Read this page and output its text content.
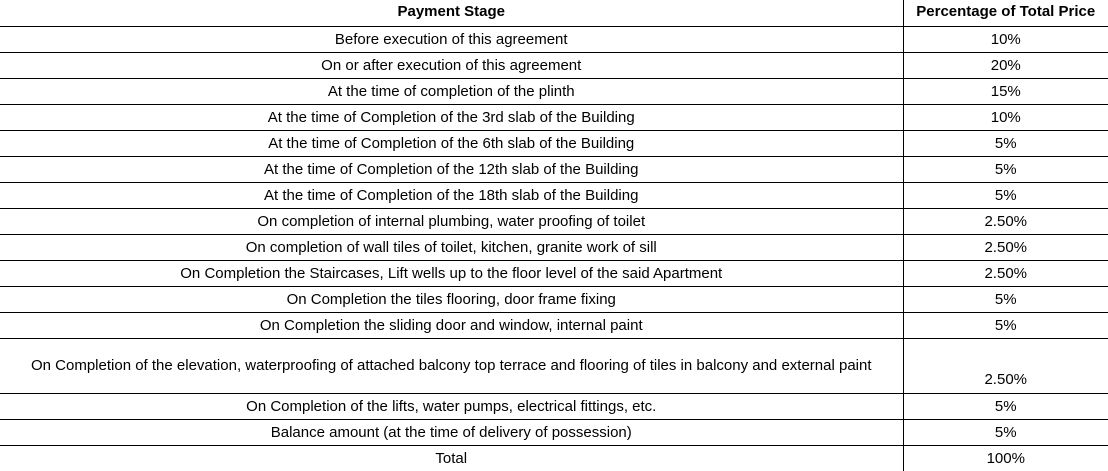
Payment Stage	Percentage of Total Price
Before execution of this agreement	10%
On or after execution of this agreement	20%
At the time of completion of the plinth	15%
At the time of Completion of the 3rd slab of the Building	10%
At the time of Completion of the 6th slab of the Building	5%
At the time of Completion of the 12th slab of the Building	5%
At the time of Completion of the 18th slab of the Building	5%
On completion of internal plumbing, water proofing of toilet	2.50%
On completion of wall tiles of toilet, kitchen, granite work of sill	2.50%
On Completion the Staircases, Lift wells up to the floor level of the said Apartment	2.50%
On Completion the tiles flooring, door frame fixing	5%
On Completion the sliding door and window, internal paint	5%
On Completion of the elevation, waterproofing of attached balcony top terrace and flooring of tiles in balcony and external paint	2.50%
On Completion of the lifts, water pumps, electrical fittings, etc.	5%
Balance amount (at the time of delivery of possession)	5%
Total	100%
